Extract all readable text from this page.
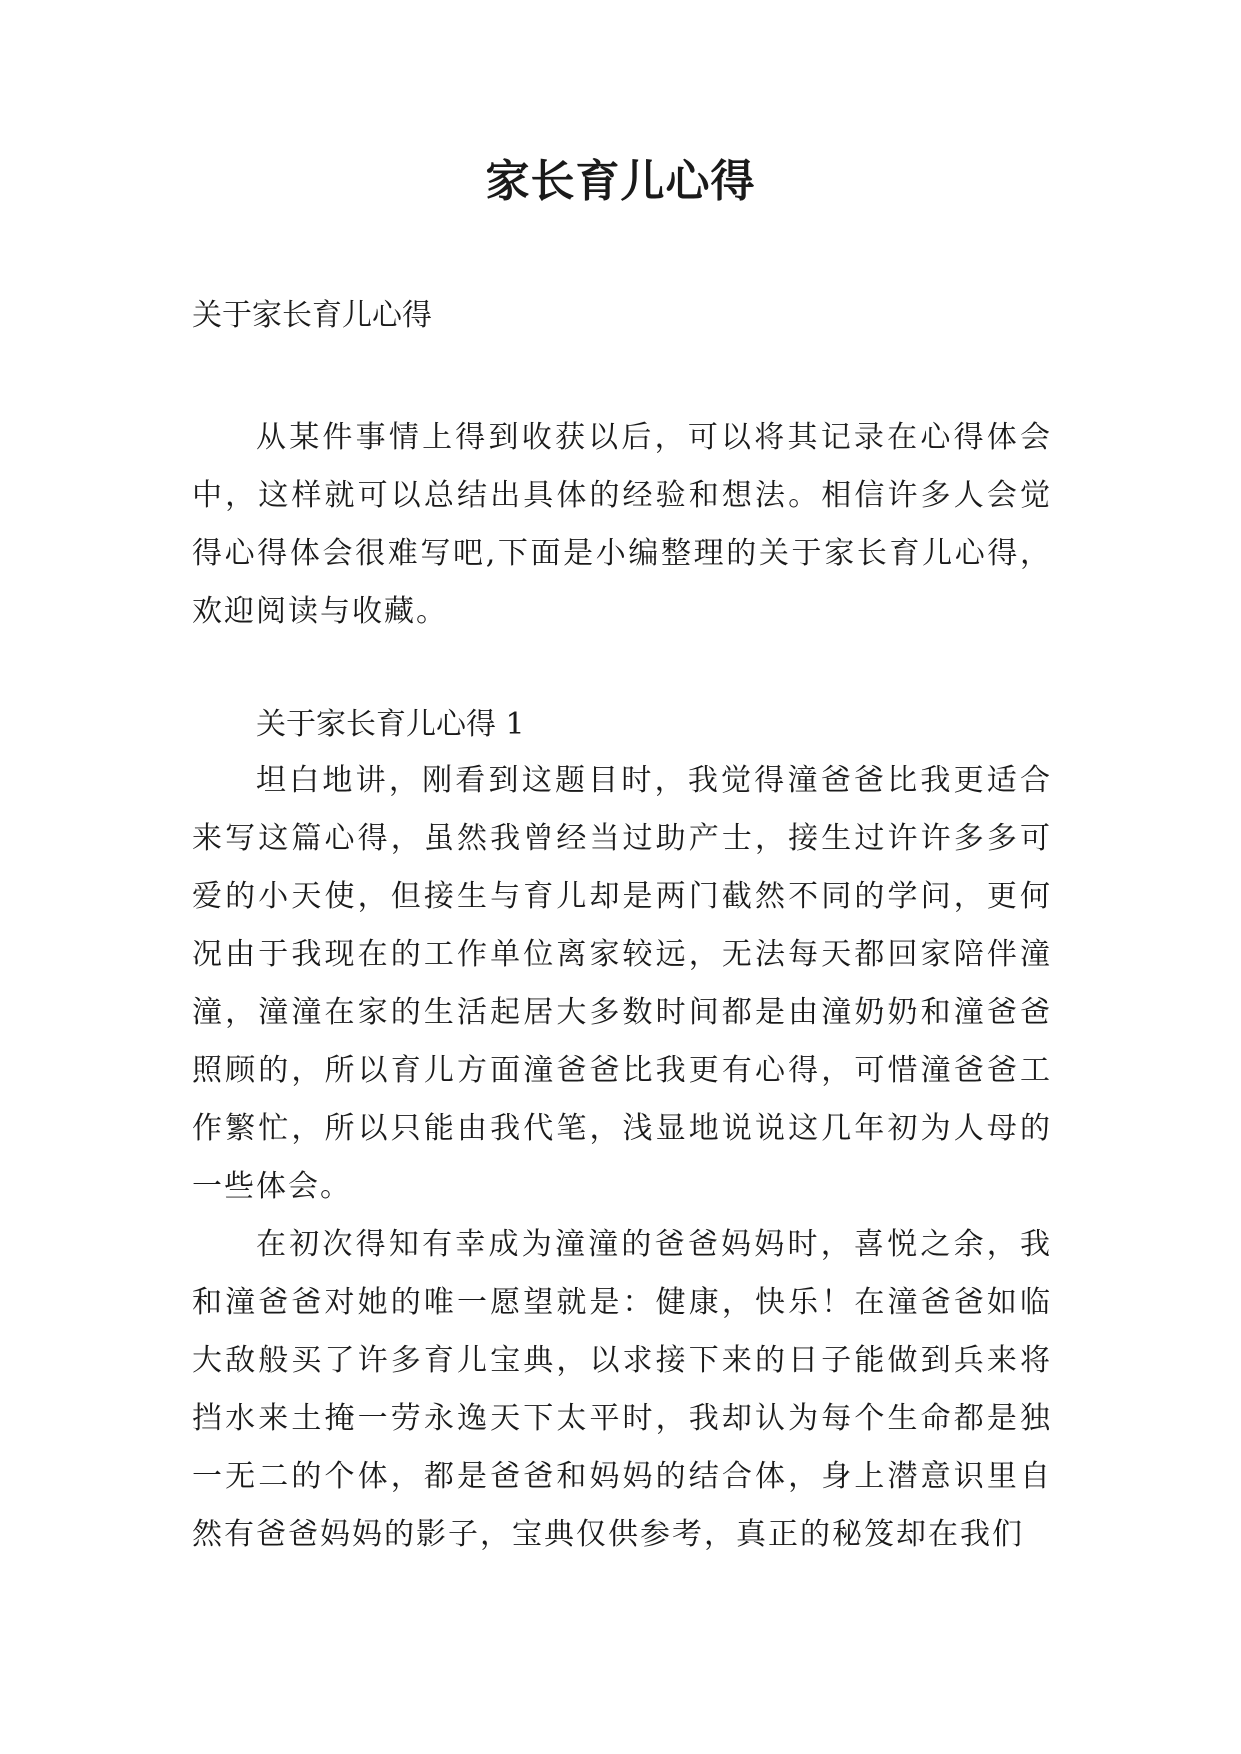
家长育儿心得
关于家长育儿心得

从某件事情上得到收获以后，可以将其记录在心得体会中，这样就可以总结出具体的经验和想法。相信许多人会觉得心得体会很难写吧,下面是小编整理的关于家长育儿心得，欢迎阅读与收藏。

关于家长育儿心得 1

坦白地讲，刚看到这题目时，我觉得潼爸爸比我更适合来写这篇心得，虽然我曾经当过助产士，接生过许许多多可爱的小天使，但接生与育儿却是两门截然不同的学问，更何况由于我现在的工作单位离家较远，无法每天都回家陪伴潼潼，潼潼在家的生活起居大多数时间都是由潼奶奶和潼爸爸照顾的，所以育儿方面潼爸爸比我更有心得，可惜潼爸爸工作繁忙，所以只能由我代笔，浅显地说说这几年初为人母的一些体会。

在初次得知有幸成为潼潼的爸爸妈妈时，喜悦之余，我和潼爸爸对她的唯一愿望就是：健康，快乐！在潼爸爸如临大敌般买了许多育儿宝典，以求接下来的日子能做到兵来将挡水来土掩一劳永逸天下太平时，我却认为每个生命都是独一无二的个体，都是爸爸和妈妈的结合体，身上潜意识里自然有爸爸妈妈的影子，宝典仅供参考，真正的秘笈却在我们
